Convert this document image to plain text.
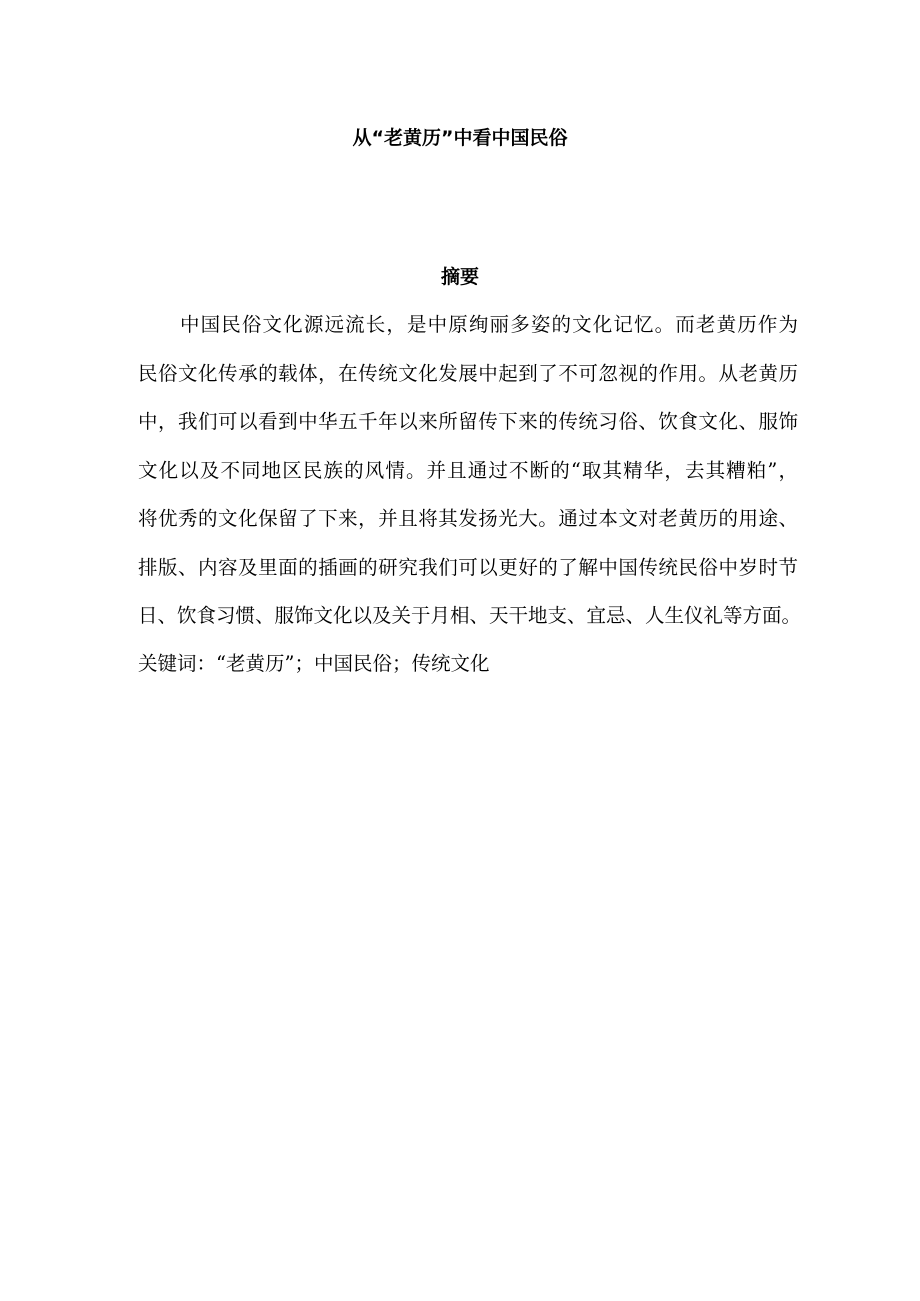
从“老黄历”中看中国民俗
摘要
中国民俗文化源远流长，是中原绚丽多姿的文化记忆。而老黄历作为
民俗文化传承的载体，在传统文化发展中起到了不可忽视的作用。从老黄历
中，我们可以看到中华五千年以来所留传下来的传统习俗、饮食文化、服饰
文化以及不同地区民族的风情。并且通过不断的“取其精华，去其糟粕”，
将优秀的文化保留了下来，并且将其发扬光大。通过本文对老黄历的用途、
排版、内容及里面的插画的研究我们可以更好的了解中国传统民俗中岁时节
日、饮食习惯、服饰文化以及关于月相、天干地支、宜忌、人生仪礼等方面。

关键词：“老黄历”；中国民俗；传统文化
